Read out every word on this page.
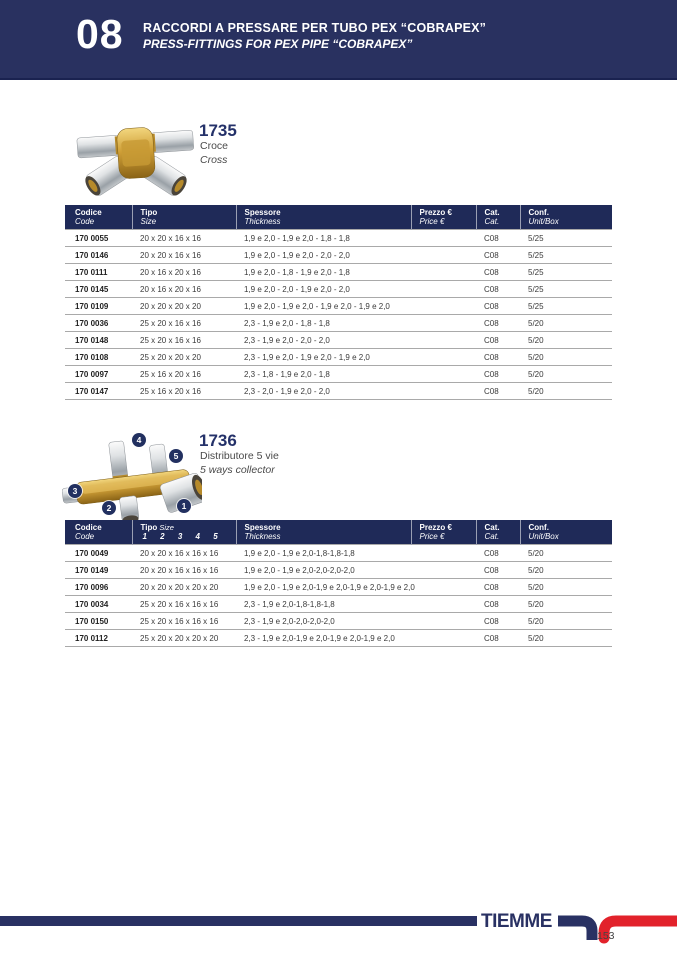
08 RACCORDI A PRESSARE PER TUBO PEX “COBRAPEX”
PRESS-FITTINGS FOR PEX PIPE “COBRAPEX”
1735
Croce
Cross
Codice
Code

Tipo
Size

Spessore
Thickness

Prezzo €
Price €

Cat.
Cat.

Conf.
Unit/Box

170 0055	20 x 20 x 16 x 16	1,9 e 2,0 - 1,9 e 2,0 - 1,8 - 1,8		C08	5/25
170 0146	20 x 20 x 16 x 16	1,9 e 2,0 - 1,9 e 2,0 - 2,0 - 2,0		C08	5/25
170 0111	20 x 16 x 20 x 16	1,9 e 2,0 - 1,8 - 1,9 e 2,0 - 1,8		C08	5/25
170 0145	20 x 16 x 20 x 16	1,9 e 2,0 - 2,0 - 1,9 e 2,0 - 2,0		C08	5/25
170 0109	20 x 20 x 20 x 20	1,9 e 2,0 - 1,9 e 2,0 - 1,9 e 2,0 - 1,9 e 2,0		C08	5/25
170 0036	25 x 20 x 16 x 16	2,3 - 1,9 e 2,0 - 1,8 - 1,8		C08	5/20
170 0148	25 x 20 x 16 x 16	2,3 - 1,9 e 2,0 - 2,0 - 2,0		C08	5/20
170 0108	25 x 20 x 20 x 20	2,3 - 1,9 e 2,0 - 1,9 e 2,0 - 1,9 e 2,0		C08	5/20
170 0097	25 x 16 x 20 x 16	2,3 - 1,8 - 1,9 e 2,0 - 1,8		C08	5/20
170 0147	25 x 16 x 20 x 16	2,3 - 2,0 - 1,9 e 2,0 - 2,0		C08	5/20
4
5
3
2	1
1736
Distributore 5 vie
5 ways collector
Codice
Code

Tipo Size
1 2 3 4 5

Spessore
Thickness

Prezzo €
Price €

Cat.
Cat.

Conf.
Unit/Box

170 0049	20 x 20 x 16 x 16 x 16	1,9 e 2,0 - 1,9 e 2,0-1,8-1,8-1,8		C08	5/20
170 0149	20 x 20 x 16 x 16 x 16	1,9 e 2,0 - 1,9 e 2,0-2,0-2,0-2,0		C08	5/20
170 0096	20 x 20 x 20 x 20 x 20	1,9 e 2,0 - 1,9 e 2,0-1,9 e 2,0-1,9 e 2,0-1,9 e 2,0		C08	5/20
170 0034	25 x 20 x 16 x 16 x 16	2,3 - 1,9 e 2,0-1,8-1,8-1,8		C08	5/20
170 0150	25 x 20 x 16 x 16 x 16	2,3 - 1,9 e 2,0-2,0-2,0-2,0		C08	5/20
170 0112	25 x 20 x 20 x 20 x 20	2,3 - 1,9 e 2,0-1,9 e 2,0-1,9 e 2,0-1,9 e 2,0		C08	5/20
TIEMME
153
